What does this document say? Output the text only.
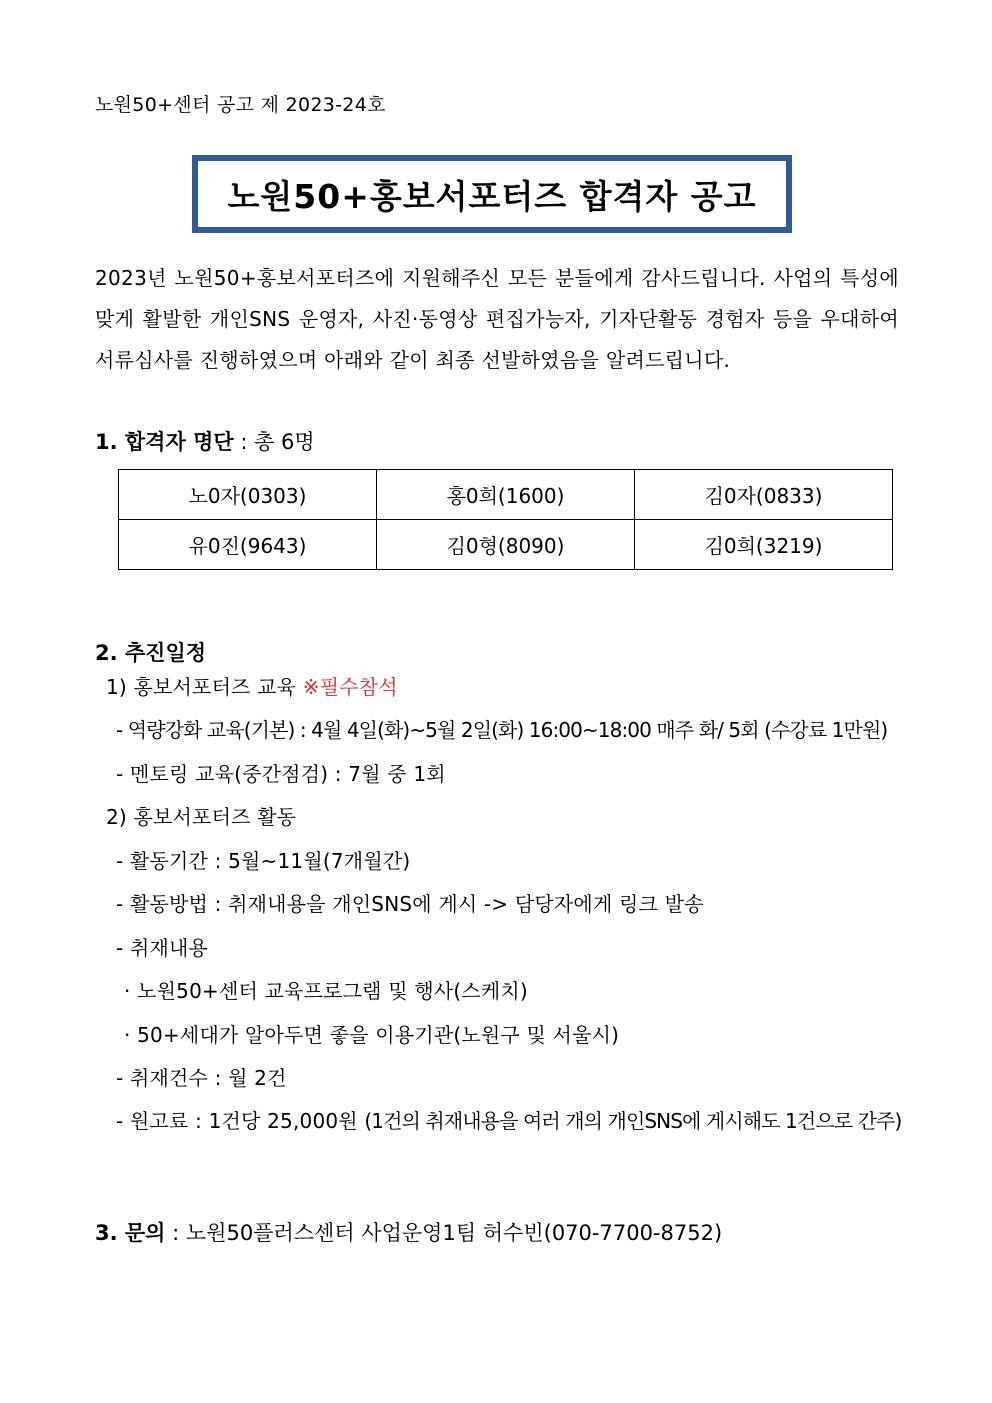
노원50+센터 공고 제 2023-24호
노원50+홍보서포터즈 합격자 공고
2023년 노원50+홍보서포터즈에 지원해주신 모든 분들에게 감사드립니다. 사업의 특성에 맞게 활발한 개인SNS 운영자, 사진·동영상 편집가능자, 기자단활동 경험자 등을 우대하여 서류심사를 진행하였으며 아래와 같이 최종 선발하였음을 알려드립니다.
1. 합격자 명단 : 총 6명
노0자(0303)	홍0희(1600)	김0자(0833)
유0진(9643)	김0형(8090)	김0희(3219)
2. 추진일정
1) 홍보서포터즈 교육 ※필수참석
- 역량강화 교육(기본) : 4월 4일(화)~5월 2일(화) 16:00~18:00 매주 화/ 5회 (수강료 1만원)
- 멘토링 교육(중간점검) : 7월 중 1회
2) 홍보서포터즈 활동
- 활동기간 : 5월~11월(7개월간)
- 활동방법 : 취재내용을 개인SNS에 게시 -> 담당자에게 링크 발송
- 취재내용
· 노원50+센터 교육프로그램 및 행사(스케치)
· 50+세대가 알아두면 좋을 이용기관(노원구 및 서울시)
- 취재건수 : 월 2건
- 원고료 : 1건당 25,000원 (1건의 취재내용을 여러 개의 개인SNS에 게시해도 1건으로 간주)
3. 문의 : 노원50플러스센터 사업운영1팀 허수빈(070-7700-8752)
